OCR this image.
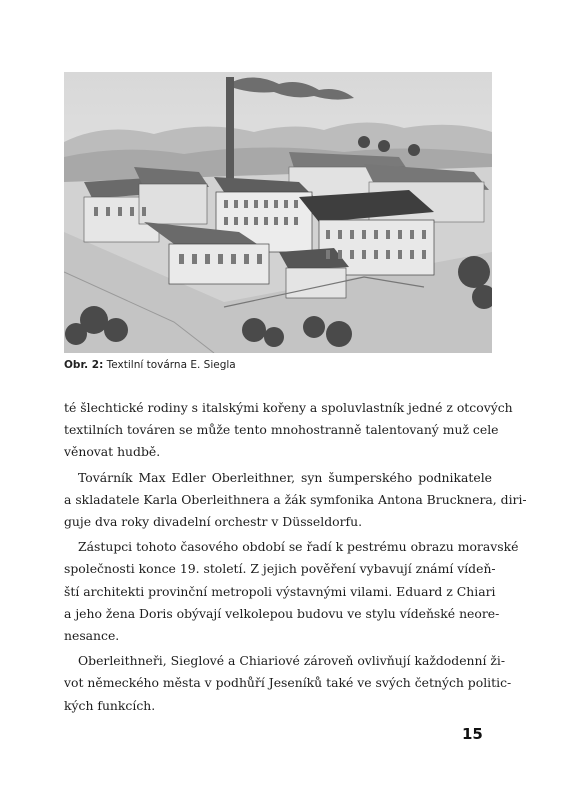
Obr. 2: Textilní továrna E. Siegla

té šlechtické rodiny s italskými kořeny a spoluvlastník jedné z otcových
textilních továren se může tento mnohostranně talentovaný muž cele
věnovat hudbě.

Továrník Max Edler Oberleithner, syn šumperského podnikatele
a skladatele Karla Oberleithnera a žák symfonika Antona Brucknera, diri-
guje dva roky divadelní orchestr v Düsseldorfu.

Zástupci tohoto časového období se řadí k pestrému obrazu moravské
společnosti konce 19. století. Z jejich pověření vybavují známí vídeň-
ští architekti provinční metropoli výstavnými vilami. Eduard z Chiari
a jeho žena Doris obývají velkolepou budovu ve stylu vídeňské neore-
nesance.

Oberleithneři, Sieglové a Chiariové zároveň ovlivňují každodenní ži-
vot německého města v podhůří Jeseníků také ve svých četných politic-
kých funkcích.

15
